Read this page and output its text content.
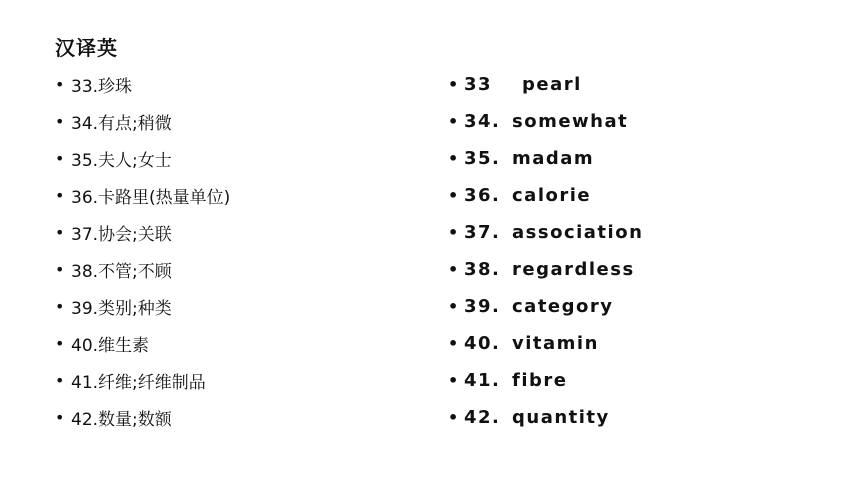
汉译英
• 33.珍珠
• 34.有点;稍微
• 35.夫人;女士
• 36.卡路里(热量单位)
• 37.协会;关联
• 38.不管;不顾
• 39.类别;种类
• 40.维生素
• 41.纤维;纤维制品
• 42.数量;数额
• 33	pearl
• 34. somewhat
• 35. madam
• 36. calorie
• 37. association
• 38. regardless
• 39. category
• 40. vitamin
• 41. fibre
• 42. quantity
